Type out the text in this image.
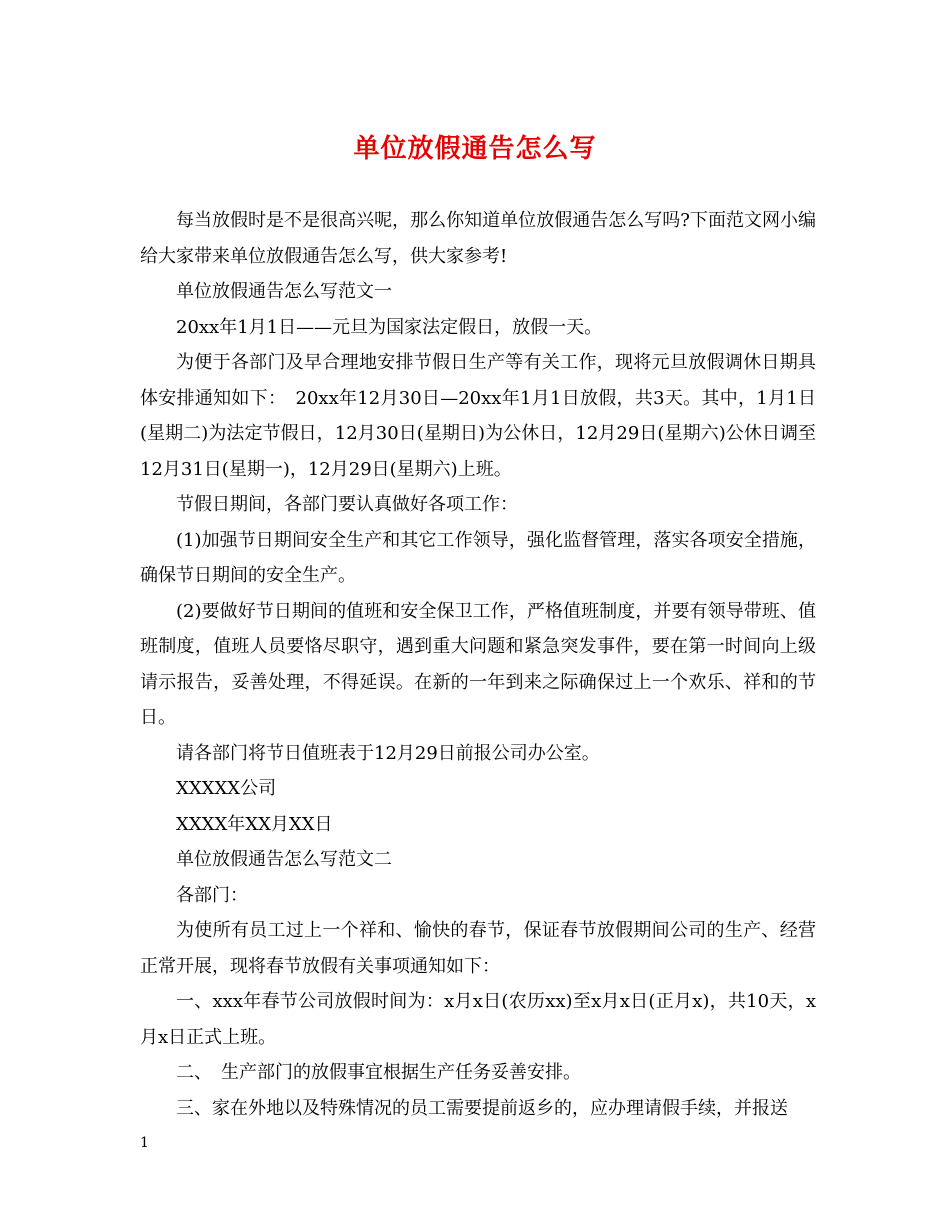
单位放假通告怎么写

每当放假时是不是很高兴呢，那么你知道单位放假通告怎么写吗?下面范文网小编给大家带来单位放假通告怎么写，供大家参考!

单位放假通告怎么写范文一

20xx年1月1日——元旦为国家法定假日，放假一天。

为便于各部门及早合理地安排节假日生产等有关工作，现将元旦放假调休日期具体安排通知如下：　20xx年12月30日—20xx年1月1日放假，共3天。其中，1月1日(星期二)为法定节假日，12月30日(星期日)为公休日，12月29日(星期六)公休日调至12月31日(星期一)，12月29日(星期六)上班。

节假日期间，各部门要认真做好各项工作：

(1)加强节日期间安全生产和其它工作领导，强化监督管理，落实各项安全措施，确保节日期间的安全生产。

(2)要做好节日期间的值班和安全保卫工作，严格值班制度，并要有领导带班、值班制度，值班人员要恪尽职守，遇到重大问题和紧急突发事件，要在第一时间向上级请示报告，妥善处理，不得延误。在新的一年到来之际确保过上一个欢乐、祥和的节日。

请各部门将节日值班表于12月29日前报公司办公室。

XXXXX公司

XXXX年XX月XX日

单位放假通告怎么写范文二

各部门：

为使所有员工过上一个祥和、愉快的春节，保证春节放假期间公司的生产、经营正常开展，现将春节放假有关事项通知如下：

一、xxx年春节公司放假时间为：x月x日(农历xx)至x月x日(正月x)，共10天，x月x日正式上班。

二、　生产部门的放假事宜根据生产任务妥善安排。

三、家在外地以及特殊情况的员工需要提前返乡的，应办理请假手续，并报送

1
